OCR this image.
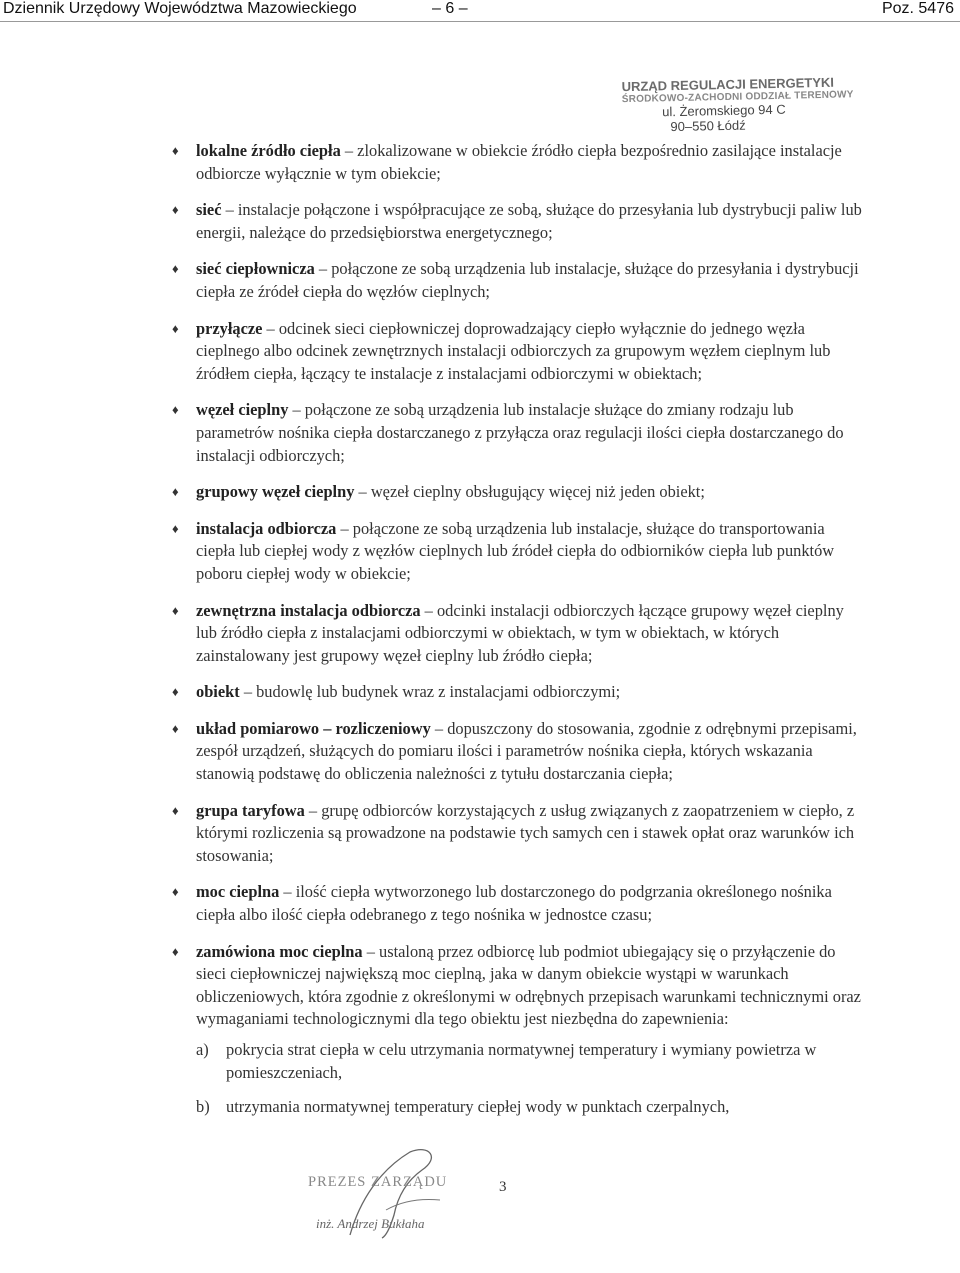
Dziennik Urzędowy Województwa Mazowieckiego	– 6 –	Poz. 5476
URZĄD REGULACJI ENERGETYKI
ŚRODKOWO-ZACHODNI ODDZIAŁ TERENOWY
ul. Żeromskiego 94 C
90–550 Łódź
♦ lokalne źródło ciepła – zlokalizowane w obiekcie źródło ciepła bezpośrednio zasilające instalacje odbiorcze wyłącznie w tym obiekcie;
♦ sieć – instalacje połączone i współpracujące ze sobą, służące do przesyłania lub dystrybucji paliw lub energii, należące do przedsiębiorstwa energetycznego;
♦ sieć ciepłownicza – połączone ze sobą urządzenia lub instalacje, służące do przesyłania i dystrybucji ciepła ze źródeł ciepła do węzłów cieplnych;
♦ przyłącze – odcinek sieci ciepłowniczej doprowadzający ciepło wyłącznie do jednego węzła cieplnego albo odcinek zewnętrznych instalacji odbiorczych za grupowym węzłem cieplnym lub źródłem ciepła, łączący te instalacje z instalacjami odbiorczymi w obiektach;
♦ węzeł cieplny – połączone ze sobą urządzenia lub instalacje służące do zmiany rodzaju lub parametrów nośnika ciepła dostarczanego z przyłącza oraz regulacji ilości ciepła dostarczanego do instalacji odbiorczych;
♦ grupowy węzeł cieplny – węzeł cieplny obsługujący więcej niż jeden obiekt;
♦ instalacja odbiorcza – połączone ze sobą urządzenia lub instalacje, służące do transportowania ciepła lub ciepłej wody z węzłów cieplnych lub źródeł ciepła do odbiorników ciepła lub punktów poboru ciepłej wody w obiekcie;
♦ zewnętrzna instalacja odbiorcza – odcinki instalacji odbiorczych łączące grupowy węzeł cieplny lub źródło ciepła z instalacjami odbiorczymi w obiektach, w tym w obiektach, w których zainstalowany jest grupowy węzeł cieplny lub źródło ciepła;
♦ obiekt – budowlę lub budynek wraz z instalacjami odbiorczymi;
♦ układ pomiarowo – rozliczeniowy – dopuszczony do stosowania, zgodnie z odrębnymi przepisami, zespół urządzeń, służących do pomiaru ilości i parametrów nośnika ciepła, których wskazania stanowią podstawę do obliczenia należności z tytułu dostarczania ciepła;
♦ grupa taryfowa – grupę odbiorców korzystających z usług związanych z zaopatrzeniem w ciepło, z którymi rozliczenia są prowadzone na podstawie tych samych cen i stawek opłat oraz warunków ich stosowania;
♦ moc cieplna – ilość ciepła wytworzonego lub dostarczonego do podgrzania określonego nośnika ciepła albo ilość ciepła odebranego z tego nośnika w jednostce czasu;
♦ zamówiona moc cieplna – ustaloną przez odbiorcę lub podmiot ubiegający się o przyłączenie do sieci ciepłowniczej największą moc cieplną, jaka w danym obiekcie wystąpi w warunkach obliczeniowych, która zgodnie z określonymi w odrębnych przepisach warunkami technicznymi oraz wymaganiami technologicznymi dla tego obiektu jest niezbędna do zapewnienia:
a) pokrycia strat ciepła w celu utrzymania normatywnej temperatury i wymiany powietrza w pomieszczeniach,
b) utrzymania normatywnej temperatury ciepłej wody w punktach czerpalnych,
PREZES ZARZĄDU
inż. Andrzej Bukłaha
3
